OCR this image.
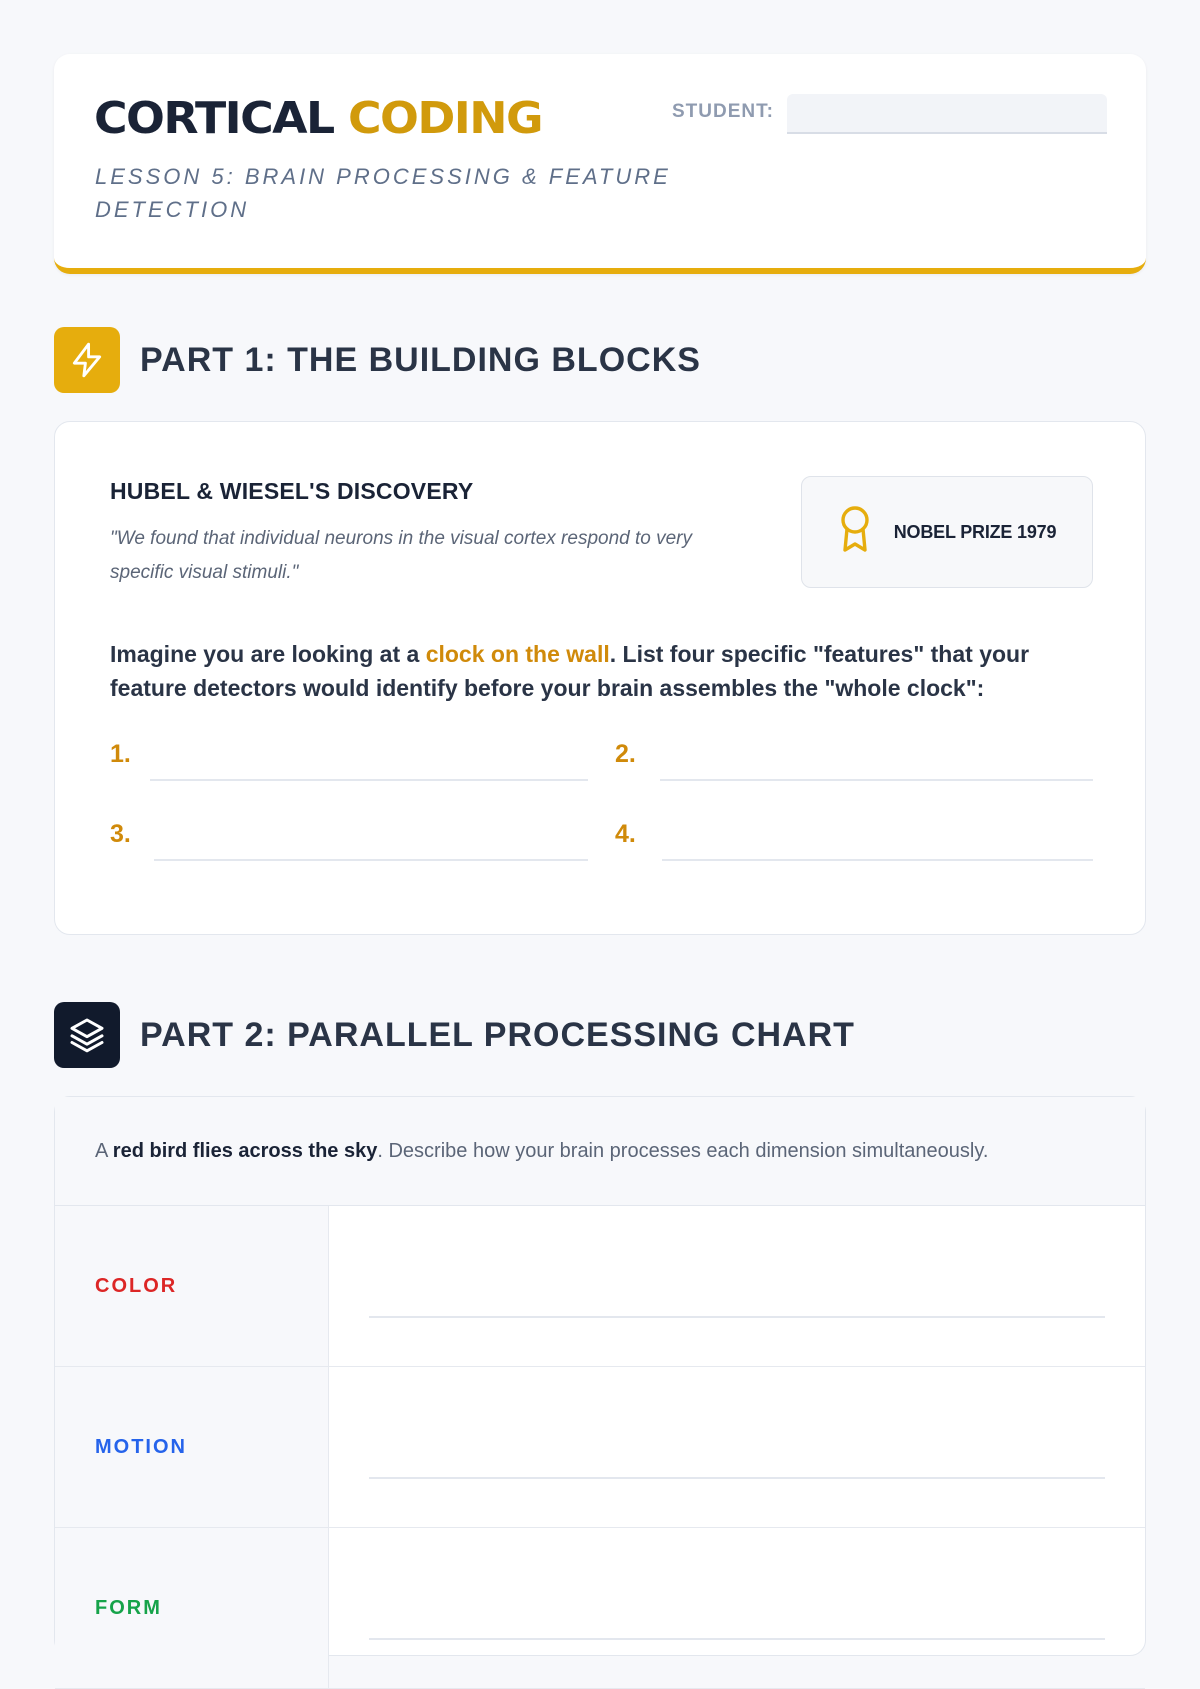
CORTICAL CODING
LESSON 5: BRAIN PROCESSING & FEATURE DETECTION
STUDENT:
PART 1: THE BUILDING BLOCKS
HUBEL & WIESEL'S DISCOVERY
"We found that individual neurons in the visual cortex respond to very specific visual stimuli."
NOBEL PRIZE 1979
Imagine you are looking at a clock on the wall. List four specific "features" that your feature detectors would identify before your brain assembles the "whole clock":
1.	2.
3.	4.
PART 2: PARALLEL PROCESSING CHART
A red bird flies across the sky . Describe how your brain processes each dimension simultaneously.
COLOR
MOTION
FORM
